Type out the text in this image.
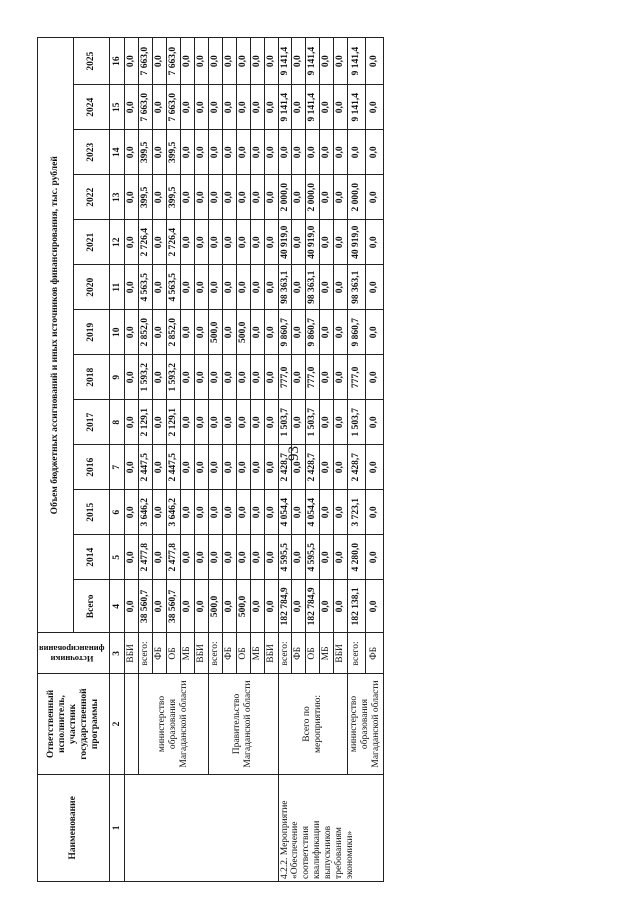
93
Наименование	Ответственный исполнитель, участник государственной программы	Источники финансирования	Объем бюджетных ассигнований и иных источников финансирования, тыс. рублей												
			Всего	2014	2015	2016	2017	2018	2019	2020	2021	2022	2023	2024	2025
1	2	3	4	5	6	7	8	9	10	11	12	13	14	15	16
		ВБИ	0,0	0,0	0,0	0,0	0,0	0,0	0,0	0,0	0,0	0,0	0,0	0,0	0,0
	министерство образования Магаданской области	всего:	38 560,7	2 477,8	3 646,2	2 447,5	2 129,1	1 593,2	2 852,0	4 563,5	2 726,4	399,5	399,5	7 663,0	7 663,0
		ФБ	0,0	0,0	0,0	0,0	0,0	0,0	0,0	0,0	0,0	0,0	0,0	0,0	0,0
		ОБ	38 560,7	2 477,8	3 646,2	2 447,5	2 129,1	1 593,2	2 852,0	4 563,5	2 726,4	399,5	399,5	7 663,0	7 663,0
		МБ	0,0	0,0	0,0	0,0	0,0	0,0	0,0	0,0	0,0	0,0	0,0	0,0	0,0
		ВБИ	0,0	0,0	0,0	0,0	0,0	0,0	0,0	0,0	0,0	0,0	0,0	0,0	0,0
	Правительство Магаданской области	всего:	500,0	0,0	0,0	0,0	0,0	0,0	500,0	0,0	0,0	0,0	0,0	0,0	0,0
		ФБ	0,0	0,0	0,0	0,0	0,0	0,0	0,0	0,0	0,0	0,0	0,0	0,0	0,0
		ОБ	500,0	0,0	0,0	0,0	0,0	0,0	500,0	0,0	0,0	0,0	0,0	0,0	0,0
		МБ	0,0	0,0	0,0	0,0	0,0	0,0	0,0	0,0	0,0	0,0	0,0	0,0	0,0
		ВБИ	0,0	0,0	0,0	0,0	0,0	0,0	0,0	0,0	0,0	0,0	0,0	0,0	0,0
4.2.2. Мероприятие «Обеспечение соответствия квалификации выпускников требованиям экономики»	Всего по мероприятию:	всего:	182 784,9	4 595,5	4 054,4	2 428,7	1 503,7	777,0	9 860,7	98 363,1	40 919,0	2 000,0	0,0	9 141,4	9 141,4
		ФБ	0,0	0,0	0,0	0,0	0,0	0,0	0,0	0,0	0,0	0,0	0,0	0,0	0,0
		ОБ	182 784,9	4 595,5	4 054,4	2 428,7	1 503,7	777,0	9 860,7	98 363,1	40 919,0	2 000,0	0,0	9 141,4	9 141,4
		МБ	0,0	0,0	0,0	0,0	0,0	0,0	0,0	0,0	0,0	0,0	0,0	0,0	0,0
		ВБИ	0,0	0,0	0,0	0,0	0,0	0,0	0,0	0,0	0,0	0,0	0,0	0,0	0,0
	министерство образования Магаданской области	всего:	182 138,1	4 280,0	3 723,1	2 428,7	1 503,7	777,0	9 860,7	98 363,1	40 919,0	2 000,0	0,0	9 141,4	9 141,4
		ФБ	0,0	0,0	0,0	0,0	0,0	0,0	0,0	0,0	0,0	0,0	0,0	0,0	0,0
